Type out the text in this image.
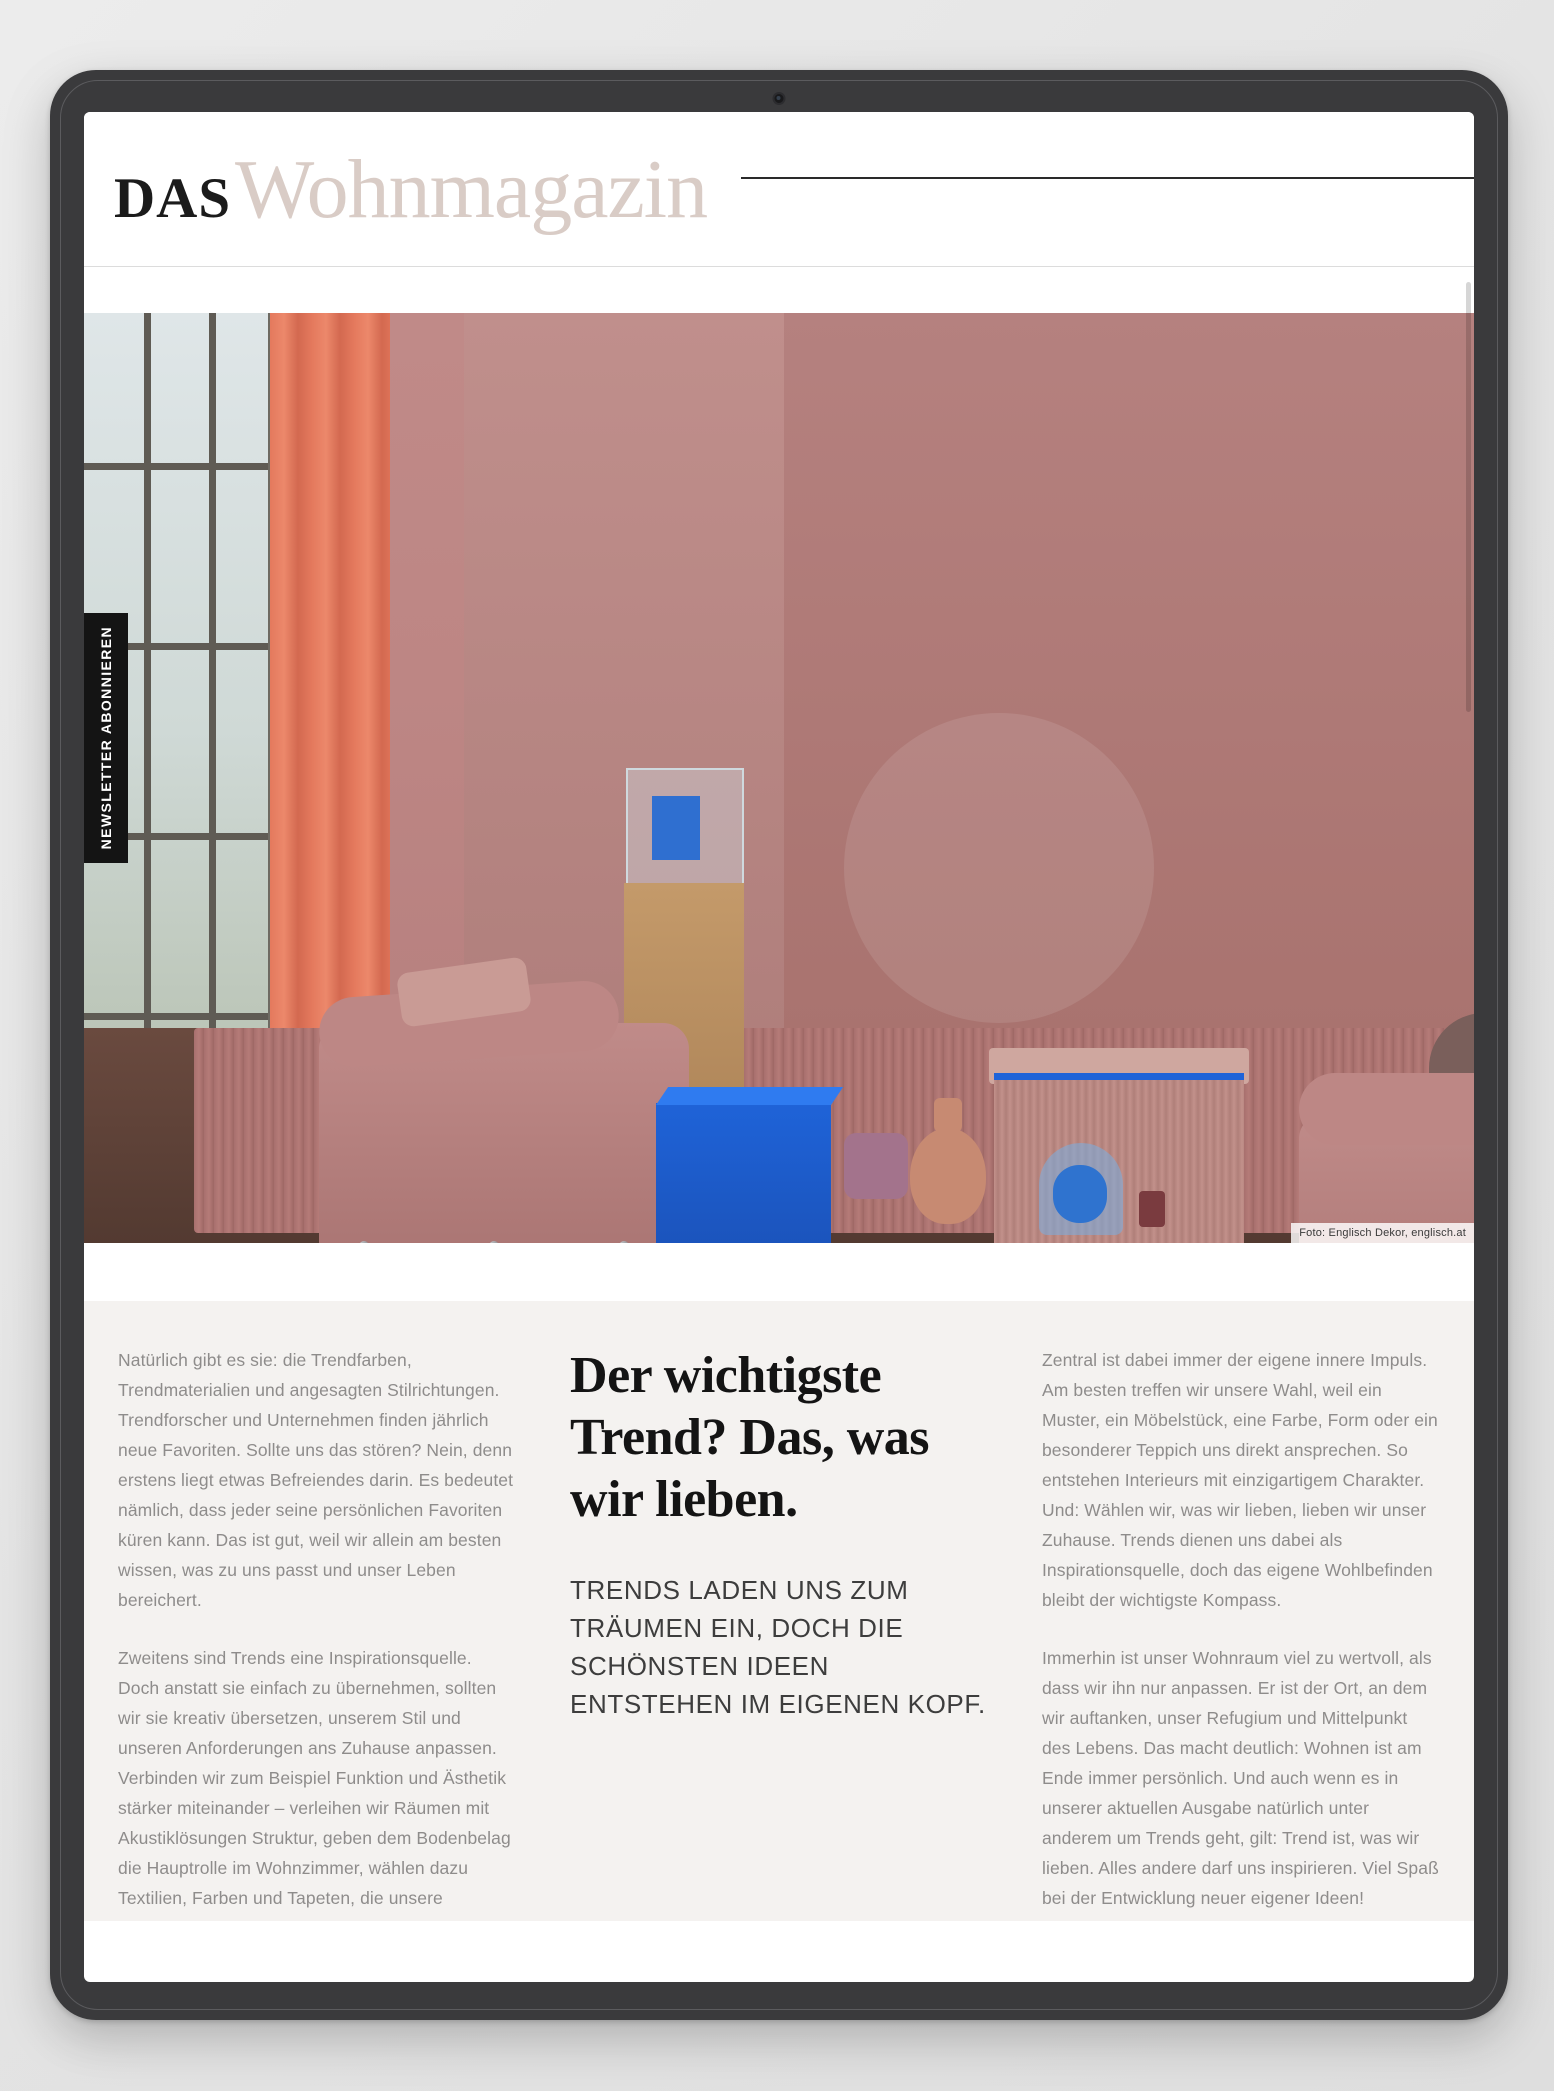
DAS Wohnmagazin
NEWSLETTER ABONNIEREN
Foto: Englisch Dekor, englisch.at

Natürlich gibt es sie: die Trendfarben, Trendmaterialien und angesagten Stilrichtungen. Trendforscher und Unternehmen finden jährlich neue Favoriten. Sollte uns das stören? Nein, denn erstens liegt etwas Befreiendes darin. Es bedeutet nämlich, dass jeder seine persönlichen Favoriten küren kann. Das ist gut, weil wir allein am besten wissen, was zu uns passt und unser Leben bereichert.

Zweitens sind Trends eine Inspirationsquelle. Doch anstatt sie einfach zu übernehmen, sollten wir sie kreativ übersetzen, unserem Stil und unseren Anforderungen ans Zuhause anpassen. Verbinden wir zum Beispiel Funktion und Ästhetik stärker miteinander – verleihen wir Räumen mit Akustiklösungen Struktur, geben dem Bodenbelag die Hauptrolle im Wohnzimmer, wählen dazu Textilien, Farben und Tapeten, die unsere

Der wichtigste Trend? Das, was wir lieben.

TRENDS LADEN UNS ZUM TRÄUMEN EIN, DOCH DIE SCHÖNSTEN IDEEN ENTSTEHEN IM EIGENEN KOPF.

Zentral ist dabei immer der eigene innere Impuls. Am besten treffen wir unsere Wahl, weil ein Muster, ein Möbelstück, eine Farbe, Form oder ein besonderer Teppich uns direkt ansprechen. So entstehen Interieurs mit einzigartigem Charakter. Und: Wählen wir, was wir lieben, lieben wir unser Zuhause. Trends dienen uns dabei als Inspirationsquelle, doch das eigene Wohlbefinden bleibt der wichtigste Kompass.

Immerhin ist unser Wohnraum viel zu wertvoll, als dass wir ihn nur anpassen. Er ist der Ort, an dem wir auftanken, unser Refugium und Mittelpunkt des Lebens. Das macht deutlich: Wohnen ist am Ende immer persönlich. Und auch wenn es in unserer aktuellen Ausgabe natürlich unter anderem um Trends geht, gilt: Trend ist, was wir lieben. Alles andere darf uns inspirieren. Viel Spaß bei der Entwicklung neuer eigener Ideen!
